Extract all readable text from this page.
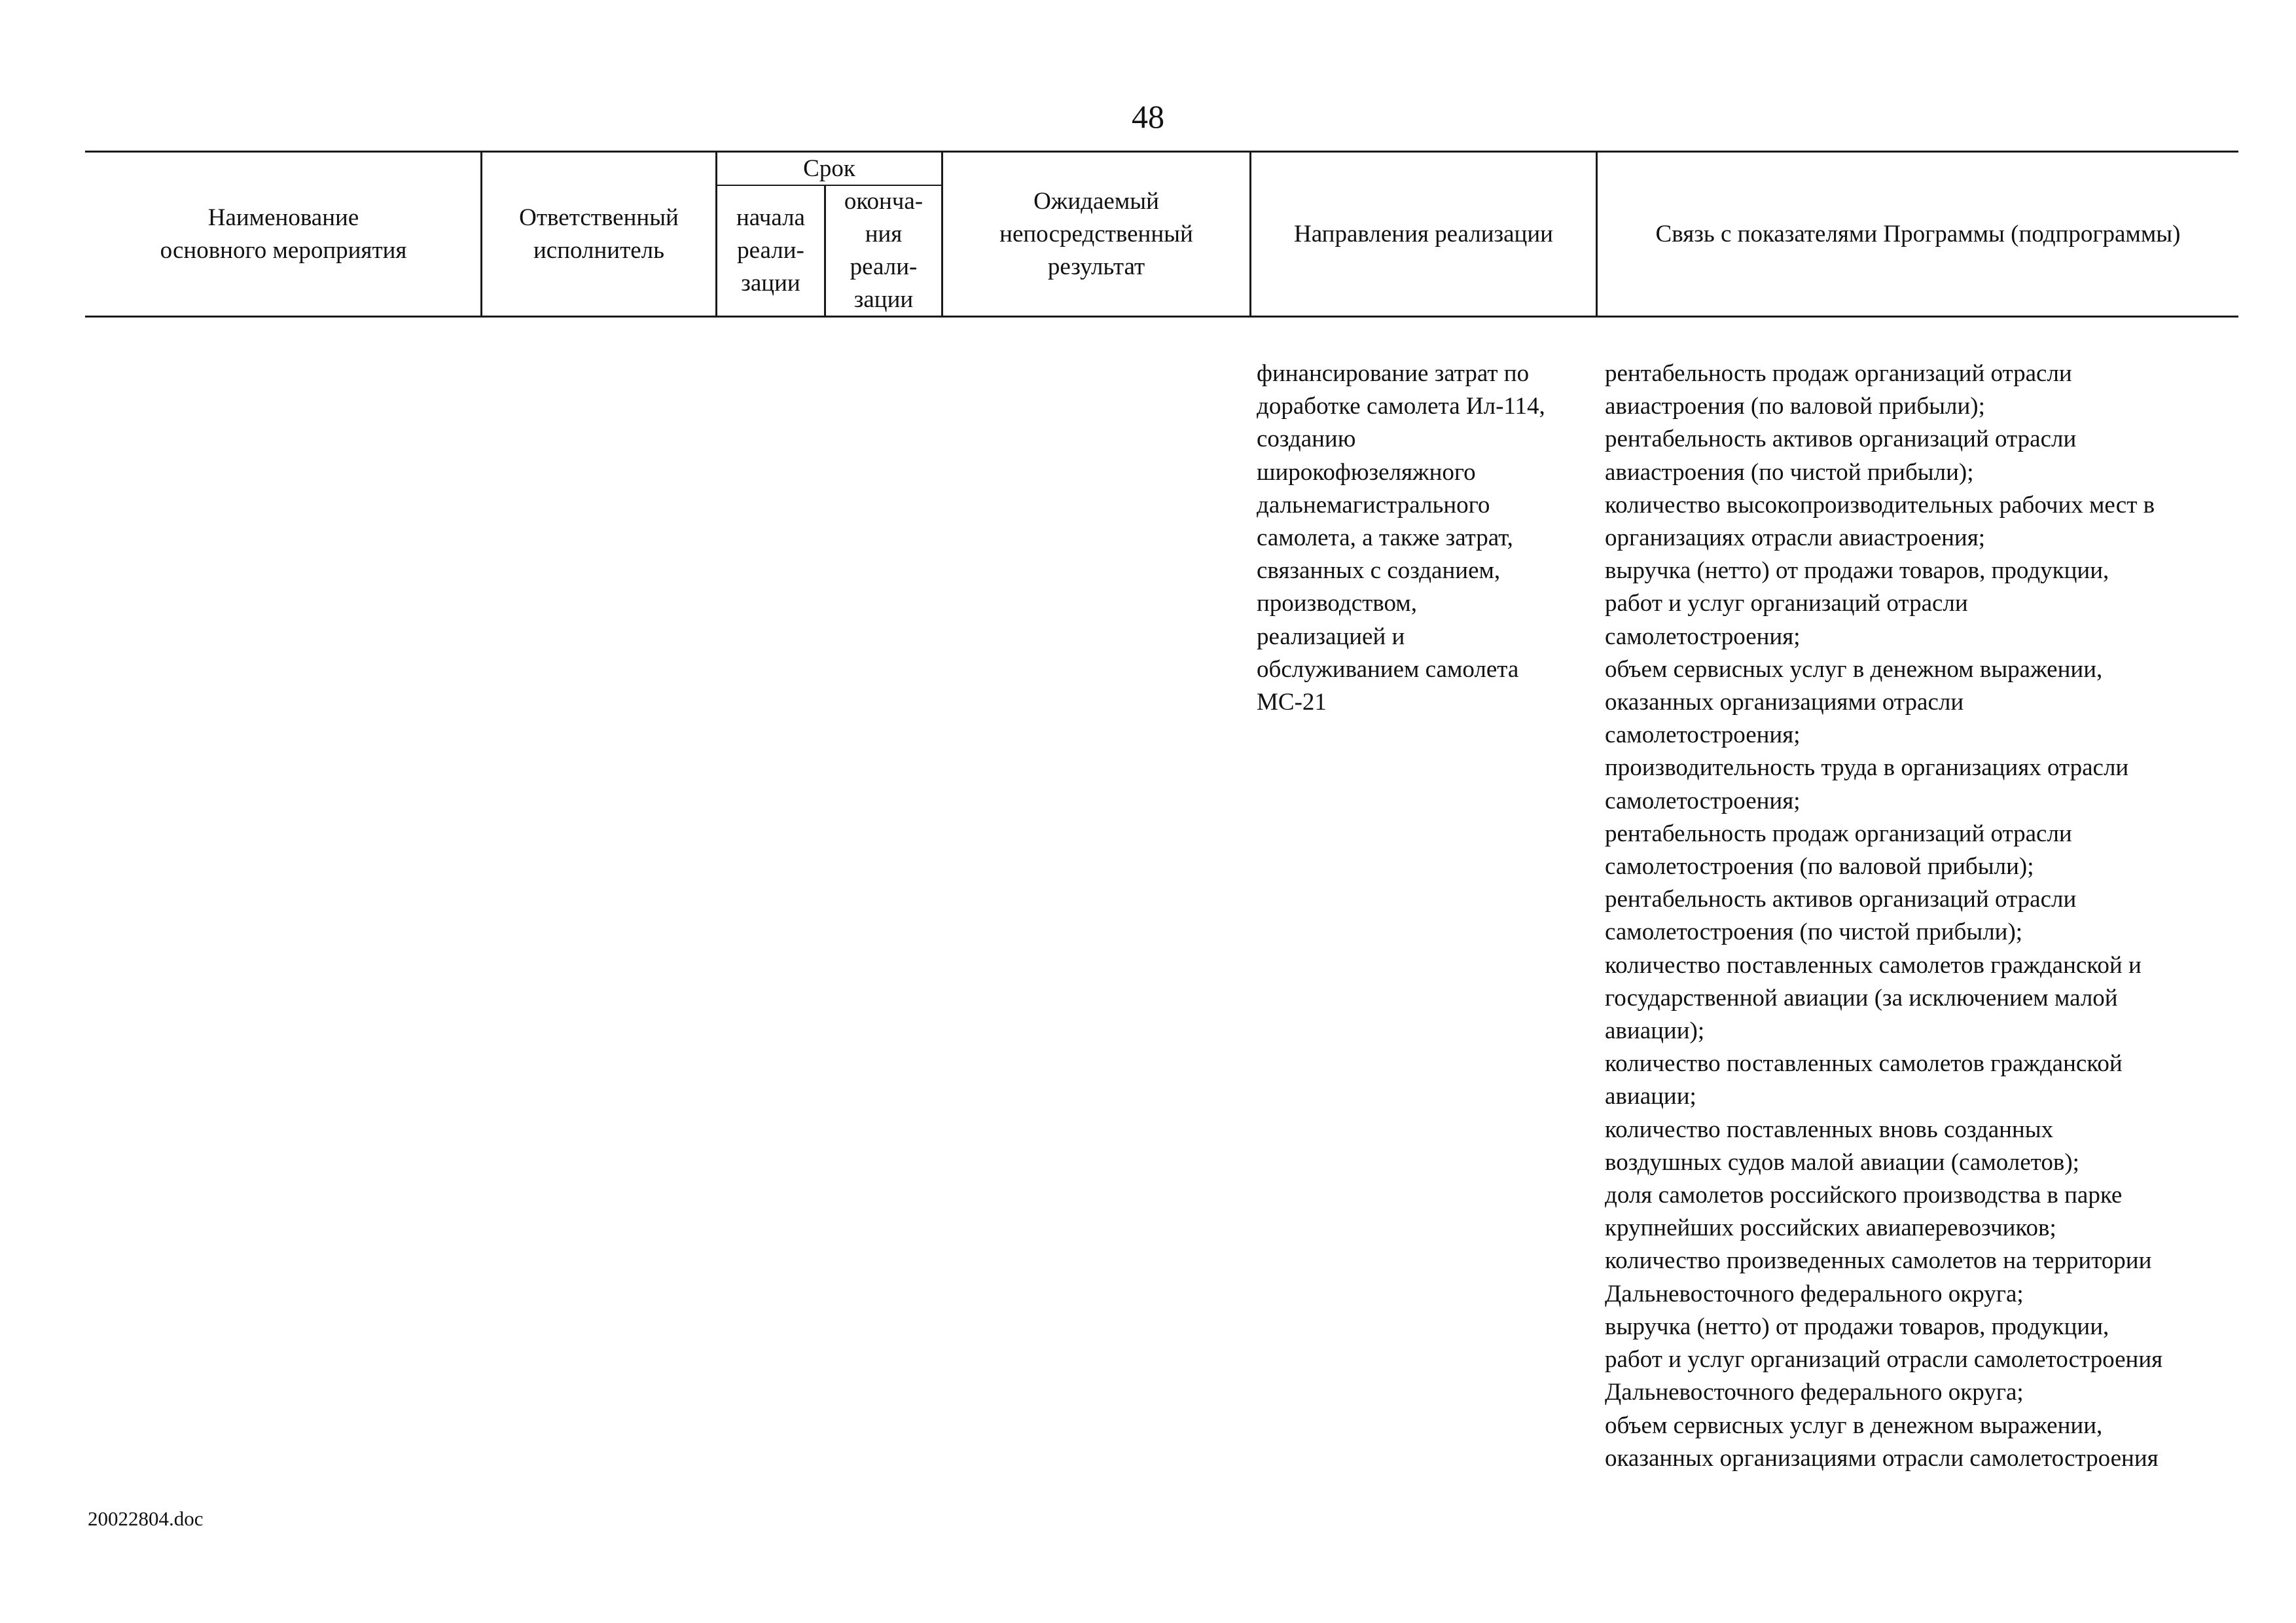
48
Наименование
основного мероприятия
Ответственный
исполнитель
Срок
начала
реали-
зации
оконча-
ния
реали-
зации
Ожидаемый
непосредственный
результат
Направления реализации	Связь с показателями Программы (подпрограммы)
финансирование затрат по
доработке самолета Ил-114,
созданию
широкофюзеляжного
дальнемагистрального
самолета, а также затрат,
связанных с созданием,
производством,
реализацией и
обслуживанием самолета
МС-21
рентабельность продаж организаций отрасли
авиастроения (по валовой прибыли);
рентабельность активов организаций отрасли
авиастроения (по чистой прибыли);
количество высокопроизводительных рабочих мест в
организациях отрасли авиастроения;
выручка (нетто) от продажи товаров, продукции,
работ и услуг организаций отрасли
самолетостроения;
объем сервисных услуг в денежном выражении,
оказанных организациями отрасли
самолетостроения;
производительность труда в организациях отрасли
самолетостроения;
рентабельность продаж организаций отрасли
самолетостроения (по валовой прибыли);
рентабельность активов организаций отрасли
самолетостроения (по чистой прибыли);
количество поставленных самолетов гражданской и
государственной авиации (за исключением малой
авиации);
количество поставленных самолетов гражданской
авиации;
количество поставленных вновь созданных
воздушных судов малой авиации (самолетов);
доля самолетов российского производства в парке
крупнейших российских авиаперевозчиков;
количество произведенных самолетов на территории
Дальневосточного федерального округа;
выручка (нетто) от продажи товаров, продукции,
работ и услуг организаций отрасли самолетостроения
Дальневосточного федерального округа;
объем сервисных услуг в денежном выражении,
оказанных организациями отрасли самолетостроения
20022804.doc
